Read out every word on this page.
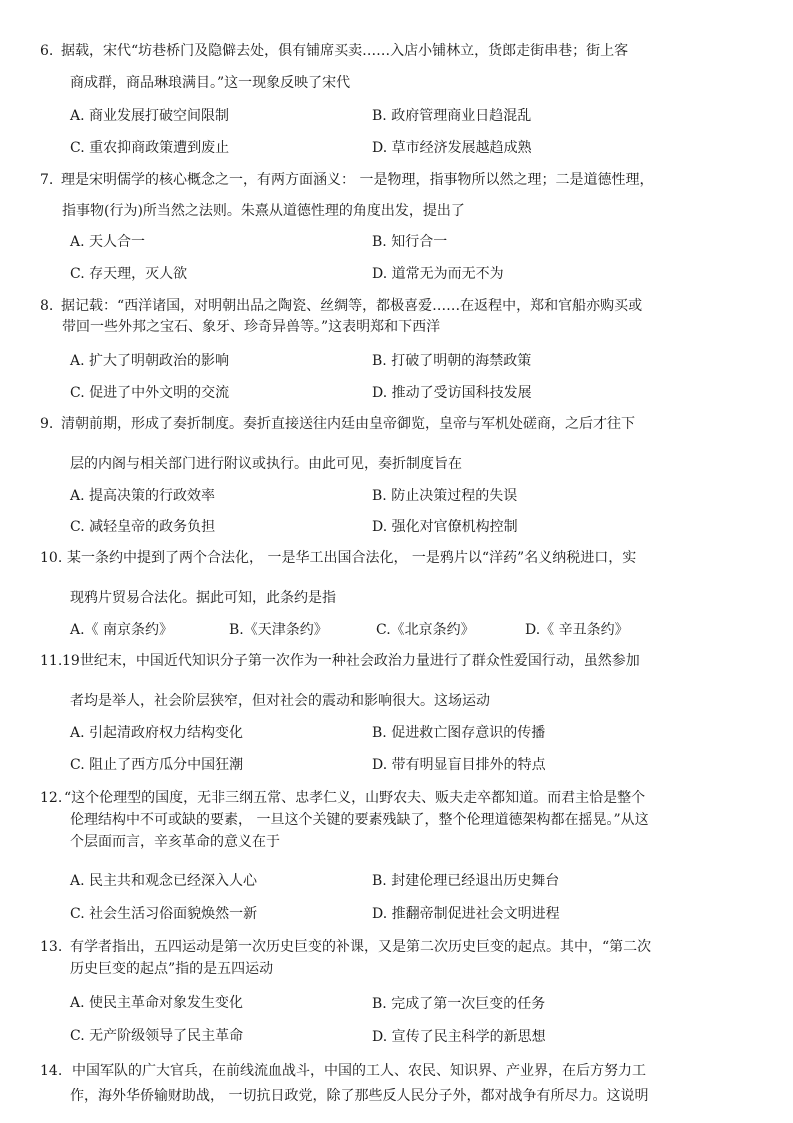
6. 据载，宋代“坊巷桥门及隐僻去处，俱有铺席买卖……入店小铺林立，货郎走街串巷；街上客
商成群，商品琳琅满目。”这一现象反映了宋代
A. 商业发展打破空间限制	B. 政府管理商业日趋混乱
C. 重农抑商政策遭到废止	D. 草市经济发展越趋成熟
7. 理是宋明儒学的核心概念之一，有两方面涵义： 一是物理，指事物所以然之理；二是道德性理，
指事物(行为)所当然之法则。朱熹从道德性理的角度出发，提出了
A. 天人合一	B. 知行合一
C. 存天理，灭人欲	D. 道常无为而无不为
8. 据记载：“西洋诸国，对明朝出品之陶瓷、丝绸等，都极喜爱……在返程中，郑和官船亦购买或
带回一些外邦之宝石、象牙、珍奇异兽等。”这表明郑和下西洋
A. 扩大了明朝政治的影响	B. 打破了明朝的海禁政策
C. 促进了中外文明的交流	D. 推动了受访国科技发展
9. 清朝前期，形成了奏折制度。奏折直接送往内廷由皇帝御览，皇帝与军机处磋商，之后才往下
层的内阁与相关部门进行附议或执行。由此可见，奏折制度旨在
A. 提高决策的行政效率	B. 防止决策过程的失误
C. 减轻皇帝的政务负担	D. 强化对官僚机构控制
10. 某一条约中提到了两个合法化， 一是华工出国合法化， 一是鸦片以“洋药”名义纳税进口，实
现鸦片贸易合法化。据此可知，此条约是指
A.《 南京条约》	B.《天津条约》	C.《北京条约》	D.《 辛丑条约》
11. 19世纪末，中国近代知识分子第一次作为一种社会政治力量进行了群众性爱国行动，虽然参加
者均是举人，社会阶层狭窄，但对社会的震动和影响很大。这场运动
A. 引起清政府权力结构变化	B. 促进救亡图存意识的传播
C. 阻止了西方瓜分中国狂潮	D. 带有明显盲目排外的特点
12. “这个伦理型的国度，无非三纲五常、忠孝仁义，山野农夫、贩夫走卒都知道。而君主恰是整个
伦理结构中不可或缺的要素， 一旦这个关键的要素残缺了，整个伦理道德架构都在摇晃。”从这
个层面而言，辛亥革命的意义在于
A. 民主共和观念已经深入人心	B. 封建伦理已经退出历史舞台
C. 社会生活习俗面貌焕然一新	D. 推翻帝制促进社会文明进程
13. 有学者指出，五四运动是第一次历史巨变的补课，又是第二次历史巨变的起点。其中，“第二次
历史巨变的起点”指的是五四运动
A. 使民主革命对象发生变化	B. 完成了第一次巨变的任务
C. 无产阶级领导了民主革命	D. 宣传了民主科学的新思想
14. 中国军队的广大官兵，在前线流血战斗，中国的工人、农民、知识界、产业界，在后方努力工
作，海外华侨输财助战， 一切抗日政党，除了那些反人民分子外，都对战争有所尽力。这说明
